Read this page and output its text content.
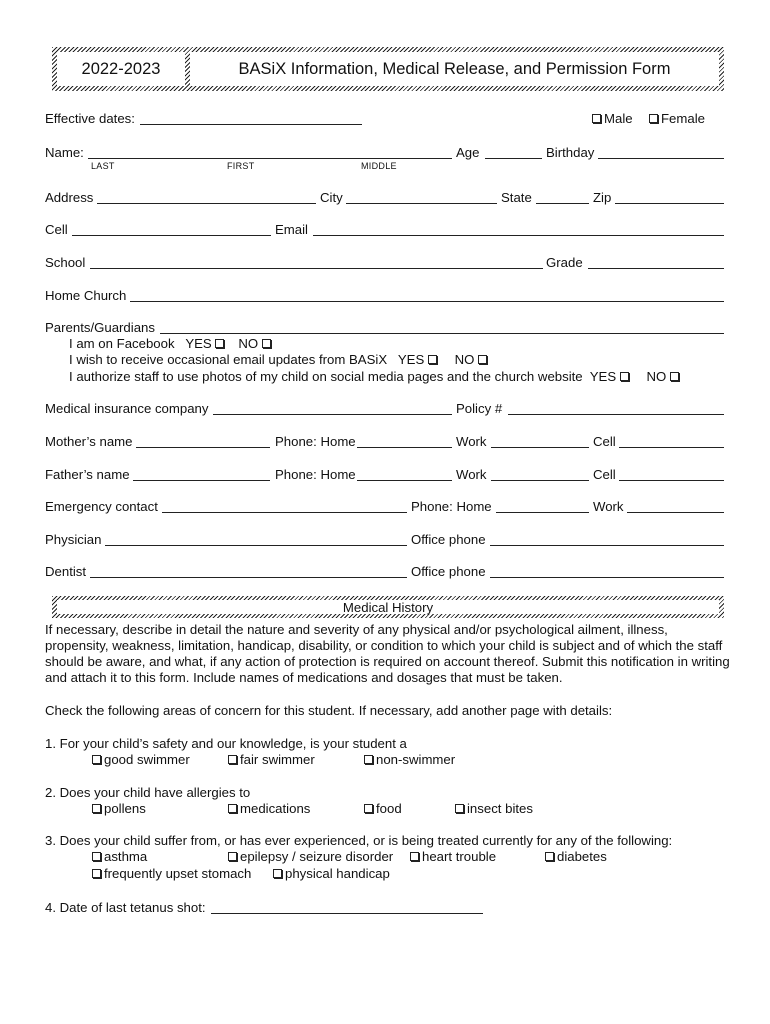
2022-2023	BASiX Information, Medical Release, and Permission Form
Effective dates:	Male	Female
Name:
LAST	FIRST	MIDDLE
Age	Birthday
Address	City	State	Zip
Cell	Email
School	Grade
Home Church
Parents/Guardians
I am on Facebook YES NO
I wish to receive occasional email updates from BASiX YES NO
I authorize staff to use photos of my child on social media pages and the church website YES NO
Medical insurance company	Policy #
Mother’s name	Phone: Home	Work	Cell
Father’s name	Phone: Home	Work	Cell
Emergency contact	Phone: Home	Work
Physician	Office phone
Dentist	Office phone
Medical History
If necessary, describe in detail the nature and severity of any physical and/or psychological ailment, illness, propensity, weakness, limitation, handicap, disability, or condition to which your child is subject and of which the staff should be aware, and what, if any action of protection is required on account thereof. Submit this notification in writing and attach it to this form. Include names of medications and dosages that must be taken.
Check the following areas of concern for this student. If necessary, add another page with details:
1. For your child’s safety and our knowledge, is your student a
good swimmer	fair swimmer	non-swimmer
2. Does your child have allergies to
pollens	medications	food	insect bites
3. Does your child suffer from, or has ever experienced, or is being treated currently for any of the following:
asthma	epilepsy / seizure disorder	heart trouble	diabetes
frequently upset stomach	physical handicap
4. Date of last tetanus shot:
